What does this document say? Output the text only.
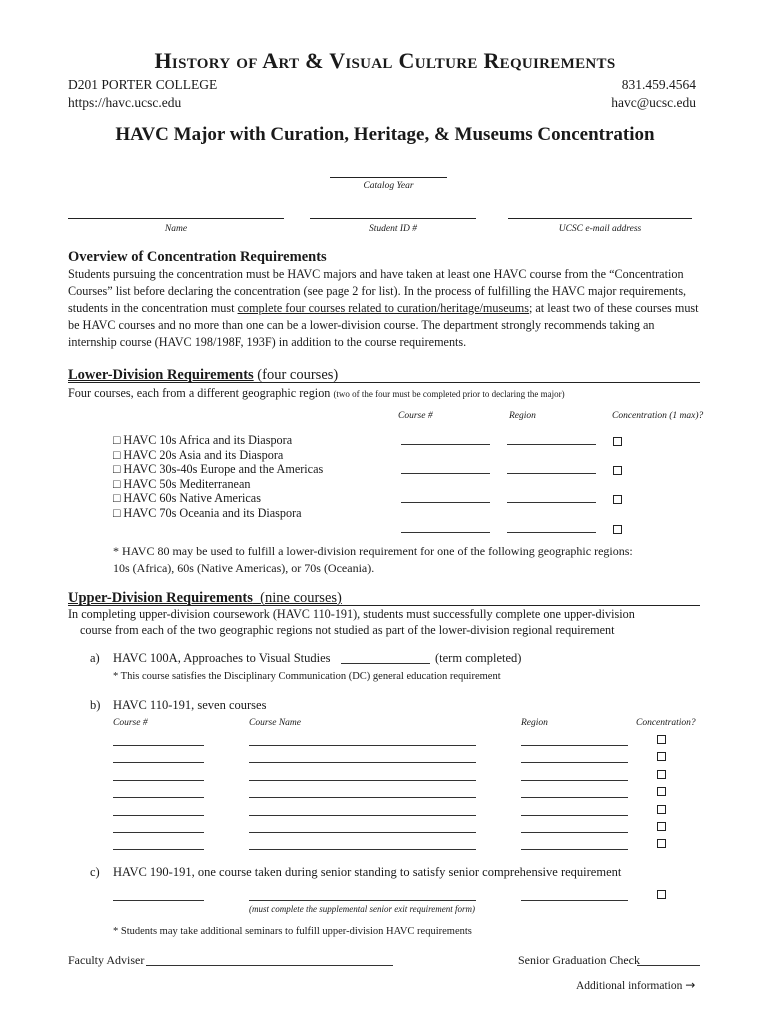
History of Art & Visual Culture Requirements
D201 PORTER COLLEGE
https://havc.ucsc.edu
831.459.4564
havc@ucsc.edu
HAVC Major with Curation, Heritage, & Museums Concentration
Catalog Year
Name	Student ID #	UCSC e-mail address
Overview of Concentration Requirements
Students pursuing the concentration must be HAVC majors and have taken at least one HAVC course from the “Concentration Courses” list before declaring the concentration (see page 2 for list). In the process of fulfilling the HAVC major requirements, students in the concentration must complete four courses related to curation/heritage/museums; at least two of these courses must be HAVC courses and no more than one can be a lower-division course. The department strongly recommends taking an internship course (HAVC 198/198F, 193F) in addition to the course requirements.
Lower-Division Requirements (four courses)
Four courses, each from a different geographic region (two of the four must be completed prior to declaring the major)
Course #	Region	Concentration (1 max)?
□ HAVC 10s Africa and its Diaspora
□ HAVC 20s Asia and its Diaspora
□ HAVC 30s-40s Europe and the Americas
□ HAVC 50s Mediterranean
□ HAVC 60s Native Americas
□ HAVC 70s Oceania and its Diaspora
* HAVC 80 may be used to fulfill a lower-division requirement for one of the following geographic regions:
10s (Africa), 60s (Native Americas), or 70s (Oceania).
Upper-Division Requirements  (nine courses)
In completing upper-division coursework (HAVC 110-191), students must successfully complete one upper-division
course from each of the two geographic regions not studied as part of the lower-division regional requirement
a) HAVC 100A, Approaches to Visual Studies	(term completed)
* This course satisfies the Disciplinary Communication (DC) general education requirement
b) HAVC 110-191, seven courses
Course #	Course Name	Region	Concentration?
c) HAVC 190-191, one course taken during senior standing to satisfy senior comprehensive requirement
(must complete the supplemental senior exit requirement form)
* Students may take additional seminars to fulfill upper-division HAVC requirements
Faculty Adviser	Senior Graduation Check
Additional information →
